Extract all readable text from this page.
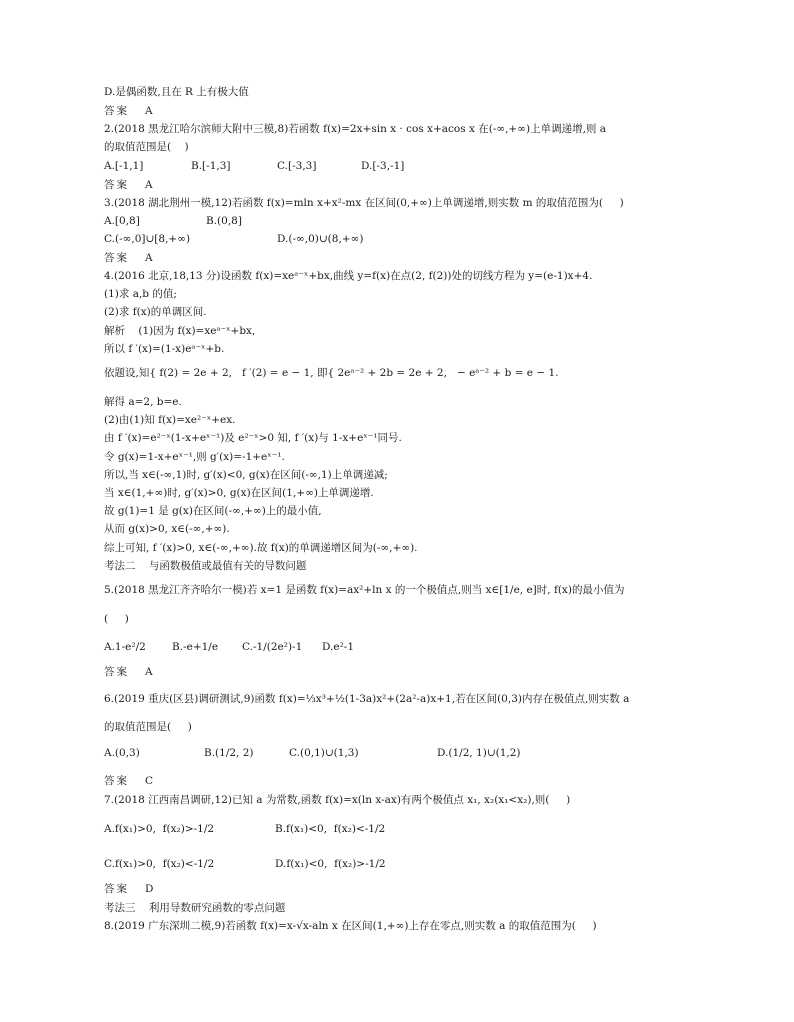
D.是偶函数,且在 R 上有极大值
答案   A
2.(2018 黑龙江哈尔滨师大附中三模,8)若函数 f(x)=2x+sin x · cos x+acos x 在(-∞,+∞)上单调递增,则 a
的取值范围是(    )
A.[-1,1]	B.[-1,3]	C.[-3,3]	D.[-3,-1]
答案   A
3.(2018 湖北荆州一模,12)若函数 f(x)=mln x+x²-mx 在区间(0,+∞)上单调递增,则实数 m 的取值范围为(     )
A.[0,8]	B.(0,8]
C.(-∞,0]∪[8,+∞)	D.(-∞,0)∪(8,+∞)
答案   A
4.(2016 北京,18,13 分)设函数 f(x)=xeᵃ⁻ˣ+bx,曲线 y=f(x)在点(2, f(2))处的切线方程为 y=(e-1)x+4.
(1)求 a,b 的值;
(2)求 f(x)的单调区间.
解析    (1)因为 f(x)=xeᵃ⁻ˣ+bx,
所以 f ′(x)=(1-x)eᵃ⁻ˣ+b.
依题设,知{ f(2) = 2e + 2,   f ′(2) = e − 1, 即{ 2eᵃ⁻² + 2b = 2e + 2,   − eᵃ⁻² + b = e − 1.
解得 a=2, b=e.
(2)由(1)知 f(x)=xe²⁻ˣ+ex.
由 f ′(x)=e²⁻ˣ(1-x+eˣ⁻¹)及 e²⁻ˣ>0 知, f ′(x)与 1-x+eˣ⁻¹同号.
令 g(x)=1-x+eˣ⁻¹,则 g′(x)=-1+eˣ⁻¹.
所以,当 x∈(-∞,1)时, g′(x)<0, g(x)在区间(-∞,1)上单调递减;
当 x∈(1,+∞)时, g′(x)>0, g(x)在区间(1,+∞)上单调递增.
故 g(1)=1 是 g(x)在区间(-∞,+∞)上的最小值,
从而 g(x)>0, x∈(-∞,+∞).
综上可知, f ′(x)>0, x∈(-∞,+∞).故 f(x)的单调递增区间为(-∞,+∞).
考法二    与函数极值或最值有关的导数问题
5.(2018 黑龙江齐齐哈尔一模)若 x=1 是函数 f(x)=ax²+ln x 的一个极值点,则当 x∈[1/e, e]时, f(x)的最小值为
(     )
A.1-e²/2 B.-e+1/e C.-1/(2e²)-1 D.e²-1
答案   A
6.(2019 重庆(区县)调研测试,9)函数 f(x)=⅓x³+½(1-3a)x²+(2a²-a)x+1,若在区间(0,3)内存在极值点,则实数 a
的取值范围是(     )
A.(0,3)	B.(1/2, 2)	C.(0,1)∪(1,3)	D.(1/2, 1)∪(1,2)
答案   C
7.(2018 江西南昌调研,12)已知 a 为常数,函数 f(x)=x(ln x-ax)有两个极值点 x₁, x₂(x₁<x₂),则(     )
A.f(x₁)>0,  f(x₂)>-1/2	B.f(x₁)<0,  f(x₂)<-1/2
C.f(x₁)>0,  f(x₂)<-1/2	D.f(x₁)<0,  f(x₂)>-1/2
答案   D
考法三    利用导数研究函数的零点问题
8.(2019 广东深圳二模,9)若函数 f(x)=x-√x-aln x 在区间(1,+∞)上存在零点,则实数 a 的取值范围为(     )
